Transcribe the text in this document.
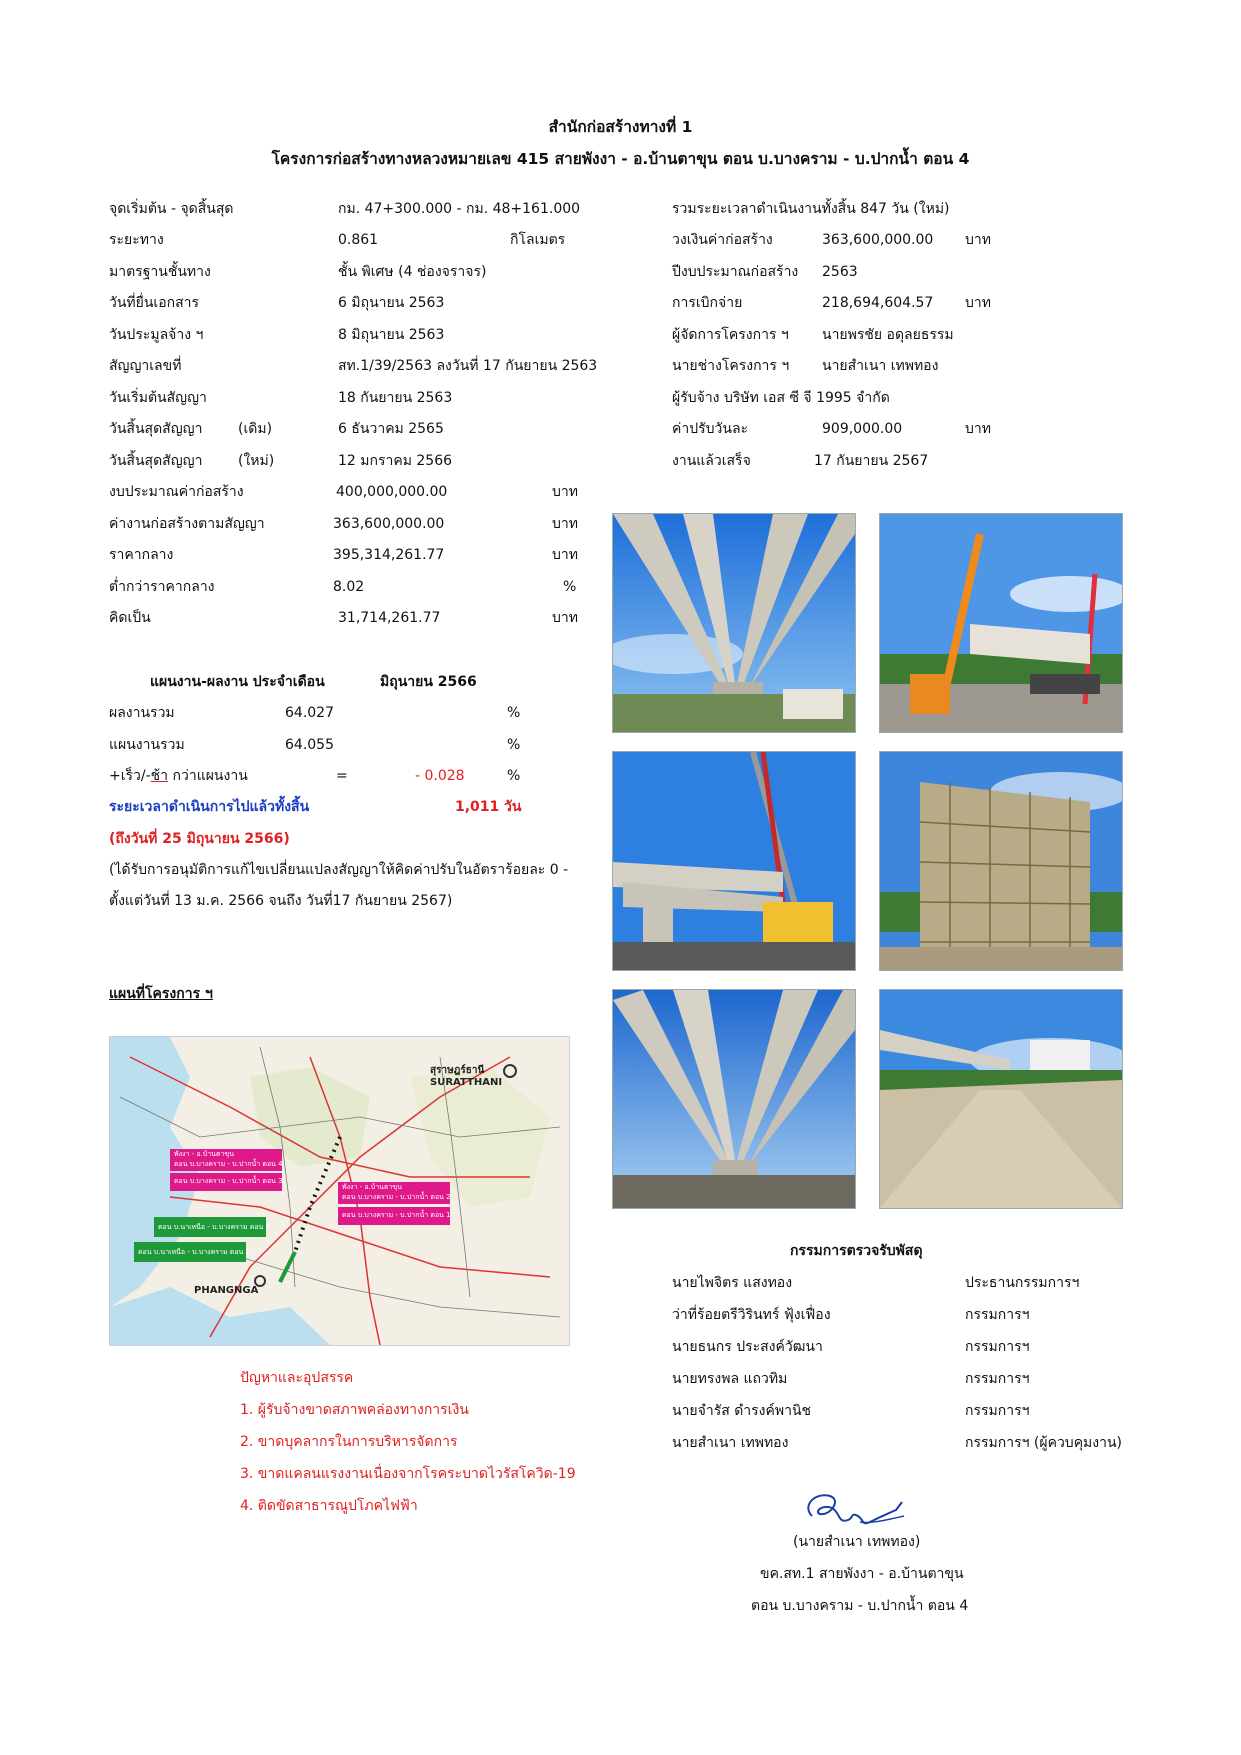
สำนักก่อสร้างทางที่ 1
โครงการก่อสร้างทางหลวงหมายเลข 415 สายพังงา - อ.บ้านตาขุน ตอน บ.บางคราม - บ.ปากน้ำ ตอน 4
จุดเริ่มต้น - จุดสิ้นสุด	กม. 47+300.000 - กม. 48+161.000
ระยะทาง	0.861	กิโลเมตร
มาตรฐานชั้นทาง	ชั้น พิเศษ (4 ช่องจราจร)
วันที่ยื่นเอกสาร	6 มิถุนายน 2563
วันประมูลจ้าง ฯ	8 มิถุนายน 2563
สัญญาเลขที่	สท.1/39/2563 ลงวันที่ 17 กันยายน 2563
วันเริ่มต้นสัญญา	18 กันยายน 2563
วันสิ้นสุดสัญญา	(เดิม)	6 ธันวาคม 2565
วันสิ้นสุดสัญญา	(ใหม่)	12 มกราคม 2566
งบประมาณค่าก่อสร้าง	400,000,000.00	บาท
ค่างานก่อสร้างตามสัญญา	363,600,000.00	บาท
ราคากลาง	395,314,261.77	บาท
ต่ำกว่าราคากลาง	8.02	%
คิดเป็น	31,714,261.77	บาท
รวมระยะเวลาดำเนินงานทั้งสิ้น 847 วัน (ใหม่)
วงเงินค่าก่อสร้าง	363,600,000.00 บาท
ปีงบประมาณก่อสร้าง 2563
การเบิกจ่าย	218,694,604.57 บาท
ผู้จัดการโครงการ ฯ นายพรชัย อดุลยธรรม
นายช่างโครงการ ฯ นายสำเนา เทพทอง
ผู้รับจ้าง บริษัท เอส ซี จี 1995 จำกัด
ค่าปรับวันละ	909,000.00	บาท
งานแล้วเสร็จ	17 กันยายน 2567
แผนงาน-ผลงาน ประจำเดือน	มิถุนายน 2566
ผลงานรวม	64.027	%
แผนงานรวม	64.055	%
+เร็ว/-ช้า กว่าแผนงาน	=	- 0.028	%
ระยะเวลาดำเนินการไปแล้วทั้งสิ้น	1,011 วัน
(ถึงวันที่ 25 มิถุนายน 2566)
(ได้รับการอนุมัติการแก้ไขเปลี่ยนแปลงสัญญาให้คิดค่าปรับในอัตราร้อยละ 0 -
ตั้งแต่วันที่ 13 ม.ค. 2566 จนถึง วันที่17 กันยายน 2567)
แผนที่โครงการ ฯ
สุราษฎร์ธานี
SURATTHANI
PHANGNGA
พังงา - อ.บ้านตาขุน
ตอน บ.บางคราม - บ.ปากน้ำ ตอน 4
ตอน บ.บางคราม - บ.ปากน้ำ ตอน 3
พังงา - อ.บ้านตาขุน
ตอน บ.บางคราม - บ.ปากน้ำ ตอน 2
ตอน บ.บางคราม - บ.ปากน้ำ ตอน 1
ตอน บ.นาเหนือ - บ.บางคราม ตอน 2
ตอน บ.นาเหนือ - บ.บางคราม ตอน 1
ปัญหาและอุปสรรค
1. ผู้รับจ้างขาดสภาพคล่องทางการเงิน
2. ขาดบุคลากรในการบริหารจัดการ
3. ขาดแคลนแรงงานเนื่องจากโรคระบาดไวรัสโควิด-19
4. ติดขัดสาธารณูปโภคไฟฟ้า
กรรมการตรวจรับพัสดุ
นายไพจิตร แสงทอง	ประธานกรรมการฯ
ว่าที่ร้อยตรีวิรินทร์ ฟุ้งเฟื่อง	กรรมการฯ
นายธนกร ประสงค์วัฒนา	กรรมการฯ
นายทรงพล แถวทิม	กรรมการฯ
นายจำรัส ดำรงค์พานิช	กรรมการฯ
นายสำเนา เทพทอง	กรรมการฯ (ผู้ควบคุมงาน)
(นายสำเนา เทพทอง)
ขค.สท.1 สายพังงา - อ.บ้านตาขุน
ตอน บ.บางคราม - บ.ปากน้ำ ตอน 4
